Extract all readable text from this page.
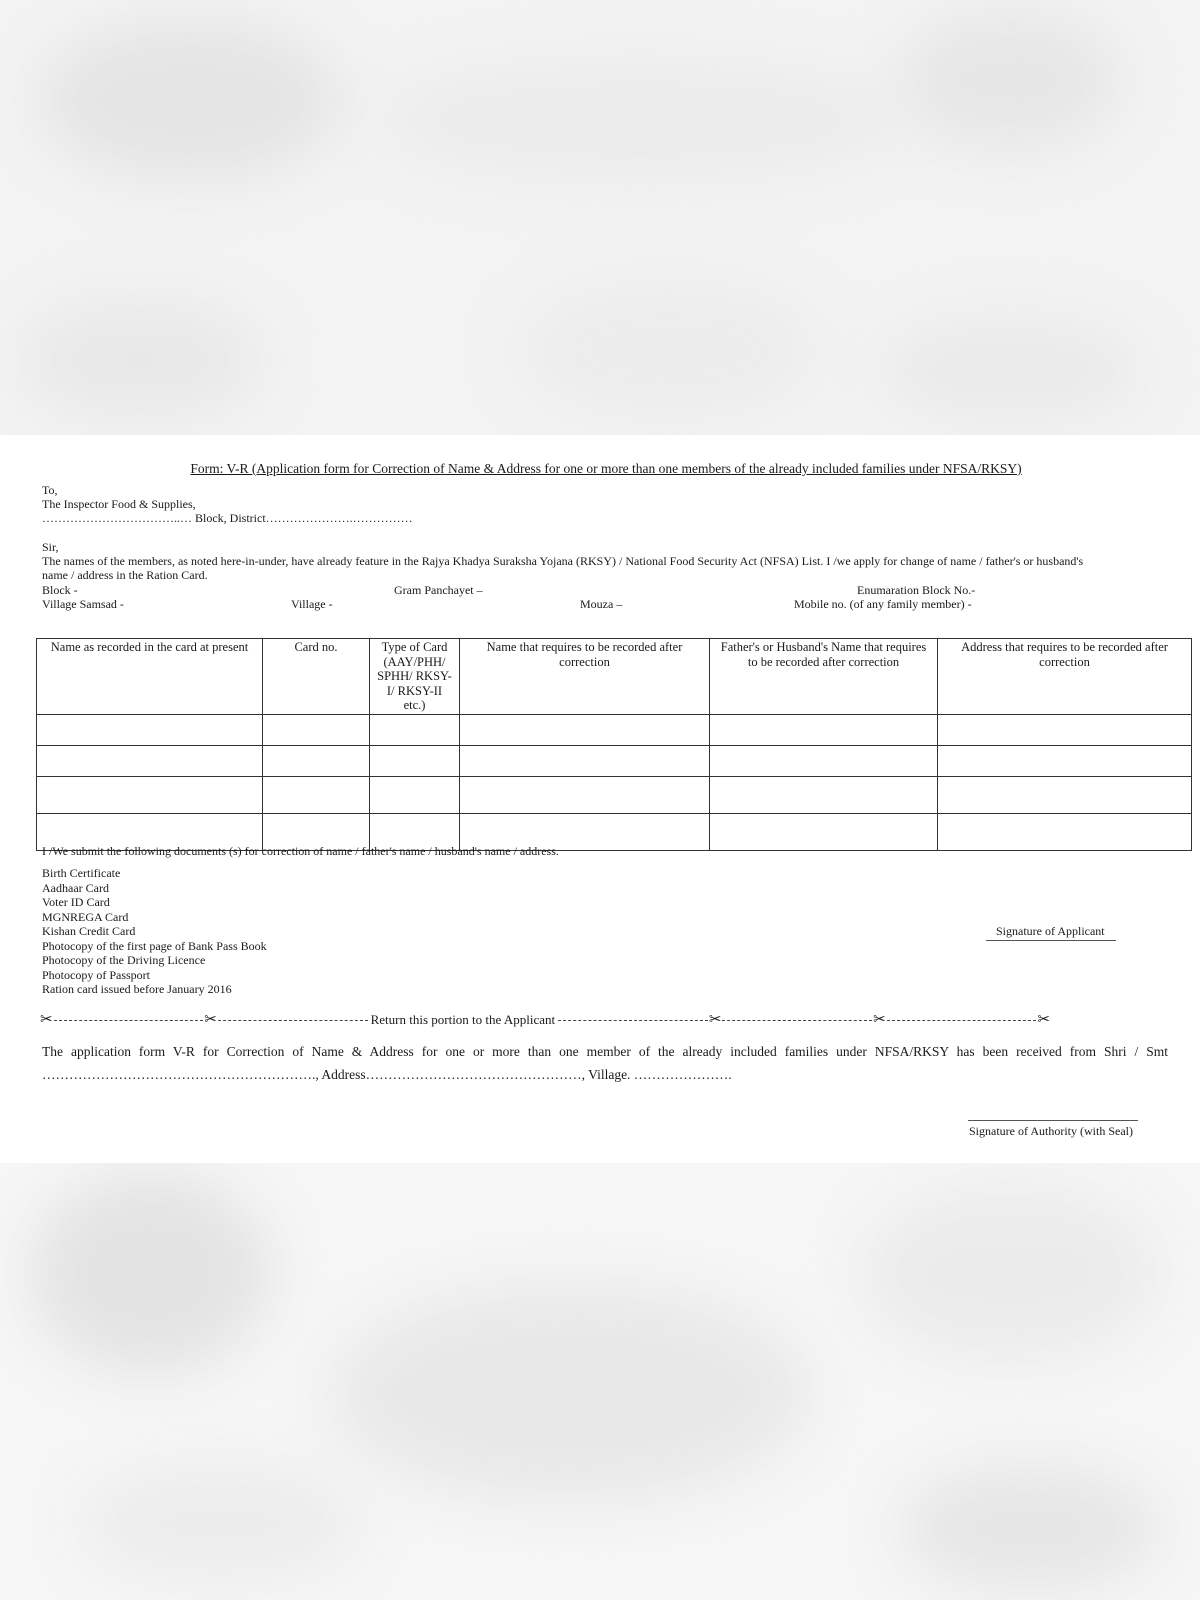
Form: V-R (Application form for Correction of Name & Address for one or more than one members of the already included families under NFSA/RKSY)
To,
The Inspector Food & Supplies,
……………………………..… Block, District………………….……………
Sir,
The names of the members, as noted here-in-under, have already feature in the Rajya Khadya Suraksha Yojana (RKSY) / National Food Security Act (NFSA) List. I /we apply for change of name / father's or husband's
name / address in the Ration Card.
Block -	Gram Panchayet –	Enumaration Block No.-
Village Samsad -	Village -	Mouza –	Mobile no. (of any family member) -
Name as recorded in the card at present	Card no.	Type of Card (AAY/PHH/ SPHH/ RKSY-I/ RKSY-II etc.)	Name that requires to be recorded after correction	Father's or Husband's Name that requires to be recorded after correction	Address that requires to be recorded after correction

I /We submit the following documents (s) for correction of name / father's name / husband's name / address.
Birth Certificate
Aadhaar Card
Voter ID Card
MGNREGA Card
Kishan Credit Card
Photocopy of the first page of Bank Pass Book
Photocopy of the Driving Licence
Photocopy of Passport
Ration card issued before January 2016
Signature of Applicant
✂	✂	Return this portion to the Applicant	✂	✂	✂
The application form V-R for Correction of Name & Address for one or more than one member of the already included families under NFSA/RKSY has been received from Shri / Smt
……………………………………………………., Address…………………………………………, Village. ………………….
Signature of Authority (with Seal)
